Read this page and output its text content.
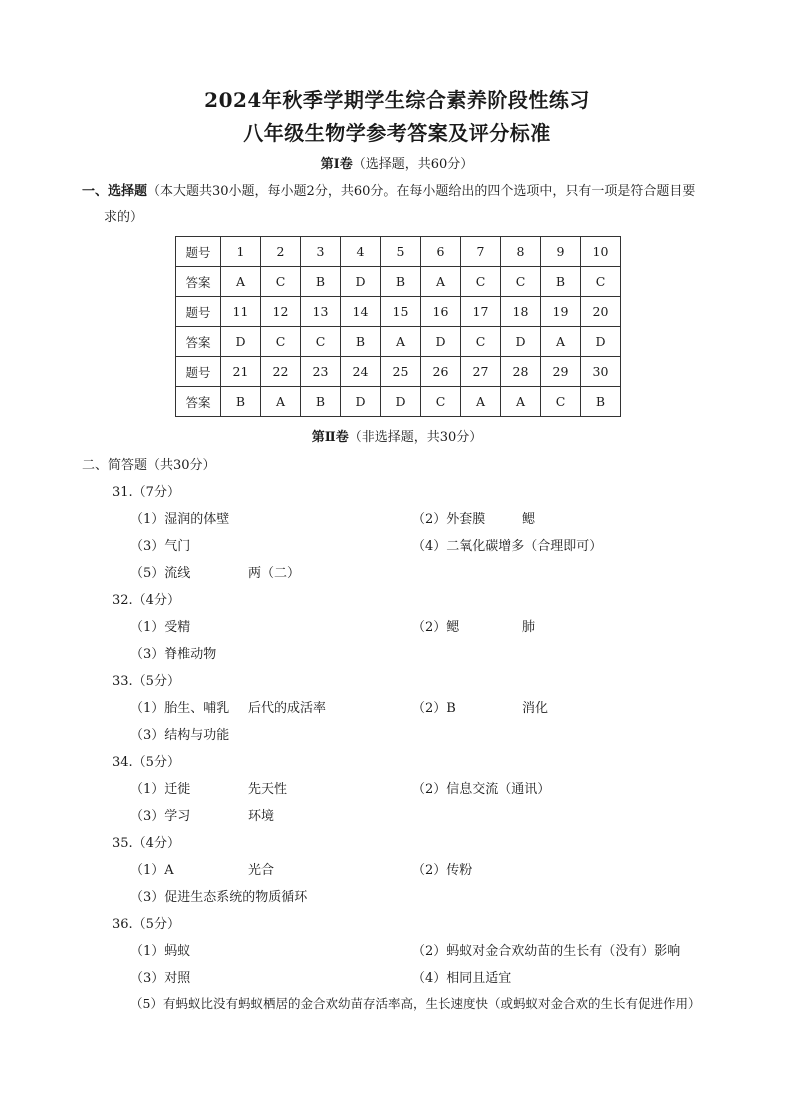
2024年秋季学期学生综合素养阶段性练习
八年级生物学参考答案及评分标准
第Ⅰ卷（选择题，共60分）
一、选择题（本大题共30小题，每小题2分，共60分。在每小题给出的四个选项中，只有一项是符合题目要
求的）
题号	1	2	3	4	5	6	7	8	9	10
答案	A	C	B	D	B	A	C	C	B	C
题号	11	12	13	14	15	16	17	18	19	20
答案	D	C	C	B	A	D	C	D	A	D
题号	21	22	23	24	25	26	27	28	29	30
答案	B	A	B	D	D	C	A	A	C	B
第Ⅱ卷（非选择题，共30分）
二、简答题（共30分）
31.（7分）
（1）湿润的体壁	（2）外套膜	鳃
（3）气门	（4）二氧化碳增多（合理即可）
（5）流线	两（二）
32.（4分）
（1）受精	（2）鳃	肺
（3）脊椎动物
33.（5分）
（1）胎生、哺乳 后代的成活率	（2）B	消化
（3）结构与功能
34.（5分）
（1）迁徙	先天性	（2）信息交流（通讯）
（3）学习	环境
35.（4分）
（1）A	光合	（2）传粉
（3）促进生态系统的物质循环
36.（5分）
（1）蚂蚁	（2）蚂蚁对金合欢幼苗的生长有（没有）影响
（3）对照	（4）相同且适宜
（5）有蚂蚁比没有蚂蚁栖居的金合欢幼苗存活率高，生长速度快（或蚂蚁对金合欢的生长有促进作用）
